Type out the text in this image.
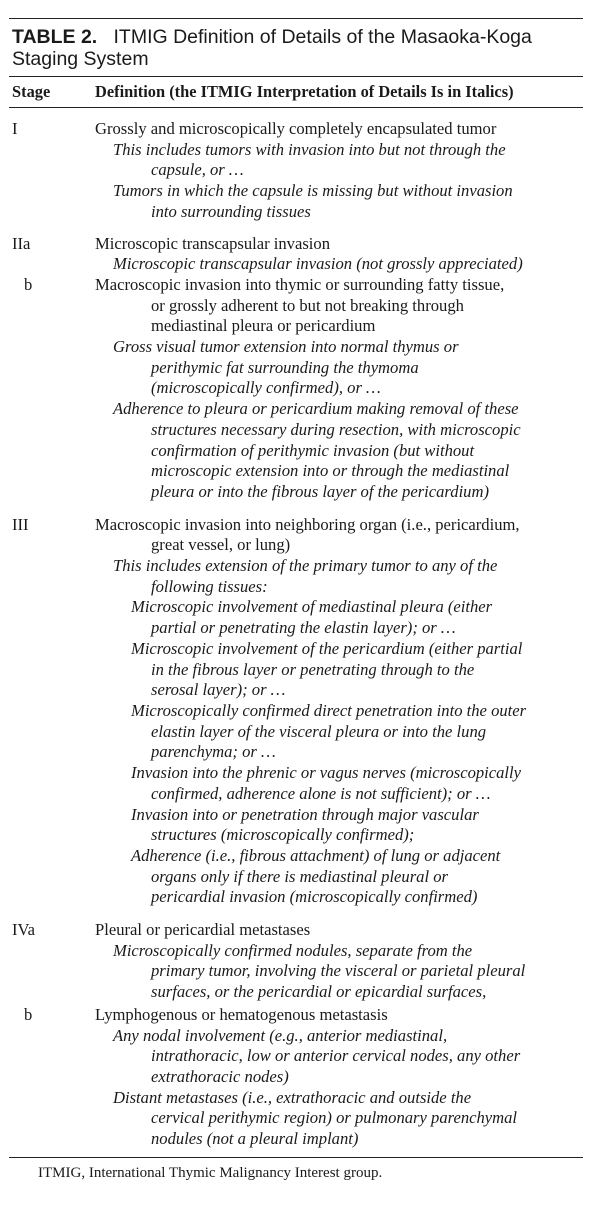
TABLE 2. ITMIG Definition of Details of the Masaoka-Koga Staging System
Stage	Definition (the ITMIG Interpretation of Details Is in Italics)
I	Grossly and microscopically completely encapsulated tumor
This includes tumors with invasion into but not through the
capsule, or …
Tumors in which the capsule is missing but without invasion
into surrounding tissues
IIa	Microscopic transcapsular invasion
Microscopic transcapsular invasion (not grossly appreciated)
b	Macroscopic invasion into thymic or surrounding fatty tissue,
or grossly adherent to but not breaking through
mediastinal pleura or pericardium
Gross visual tumor extension into normal thymus or
perithymic fat surrounding the thymoma
(microscopically confirmed), or …
Adherence to pleura or pericardium making removal of these
structures necessary during resection, with microscopic
confirmation of perithymic invasion (but without
microscopic extension into or through the mediastinal
pleura or into the fibrous layer of the pericardium)
III	Macroscopic invasion into neighboring organ (i.e., pericardium,
great vessel, or lung)
This includes extension of the primary tumor to any of the
following tissues:
Microscopic involvement of mediastinal pleura (either
partial or penetrating the elastin layer); or …
Microscopic involvement of the pericardium (either partial
in the fibrous layer or penetrating through to the
serosal layer); or …
Microscopically confirmed direct penetration into the outer
elastin layer of the visceral pleura or into the lung
parenchyma; or …
Invasion into the phrenic or vagus nerves (microscopically
confirmed, adherence alone is not sufficient); or …
Invasion into or penetration through major vascular
structures (microscopically confirmed);
Adherence (i.e., fibrous attachment) of lung or adjacent
organs only if there is mediastinal pleural or
pericardial invasion (microscopically confirmed)
IVa	Pleural or pericardial metastases
Microscopically confirmed nodules, separate from the
primary tumor, involving the visceral or parietal pleural
surfaces, or the pericardial or epicardial surfaces,
b	Lymphogenous or hematogenous metastasis
Any nodal involvement (e.g., anterior mediastinal,
intrathoracic, low or anterior cervical nodes, any other
extrathoracic nodes)
Distant metastases (i.e., extrathoracic and outside the
cervical perithymic region) or pulmonary parenchymal
nodules (not a pleural implant)
ITMIG, International Thymic Malignancy Interest group.
